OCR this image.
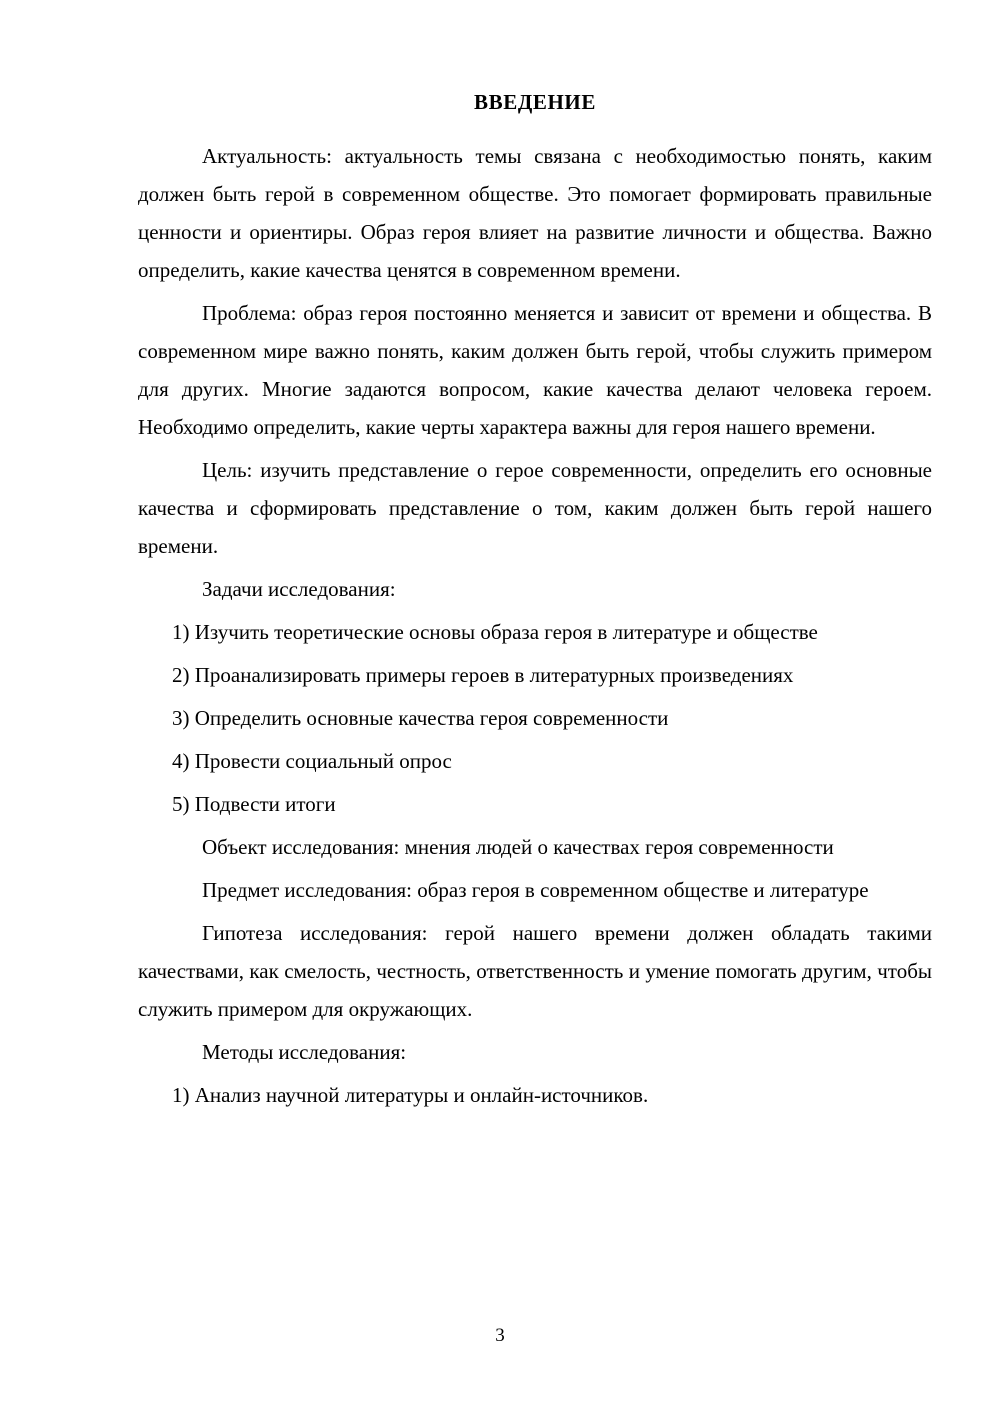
ВВЕДЕНИЕ

Актуальность: актуальность темы связана с необходимостью понять, каким должен быть герой в современном обществе. Это помогает формировать правильные ценности и ориентиры. Образ героя влияет на развитие личности и общества. Важно определить, какие качества ценятся в современном времени.

Проблема: образ героя постоянно меняется и зависит от времени и общества. В современном мире важно понять, каким должен быть герой, чтобы служить примером для других. Многие задаются вопросом, какие качества делают человека героем. Необходимо определить, какие черты характера важны для героя нашего времени.

Цель: изучить представление о герое современности, определить его основные качества и сформировать представление о том, каким должен быть герой нашего времени.

Задачи исследования:

1) Изучить теоретические основы образа героя в литературе и обществе

2) Проанализировать примеры героев в литературных произведениях

3) Определить основные качества героя современности

4) Провести социальный опрос

5) Подвести итоги

Объект исследования: мнения людей о качествах героя современности

Предмет исследования: образ героя в современном обществе и литературе

Гипотеза исследования: герой нашего времени должен обладать такими качествами, как смелость, честность, ответственность и умение помогать другим, чтобы служить примером для окружающих.

Методы исследования:

1) Анализ научной литературы и онлайн-источников.

3
